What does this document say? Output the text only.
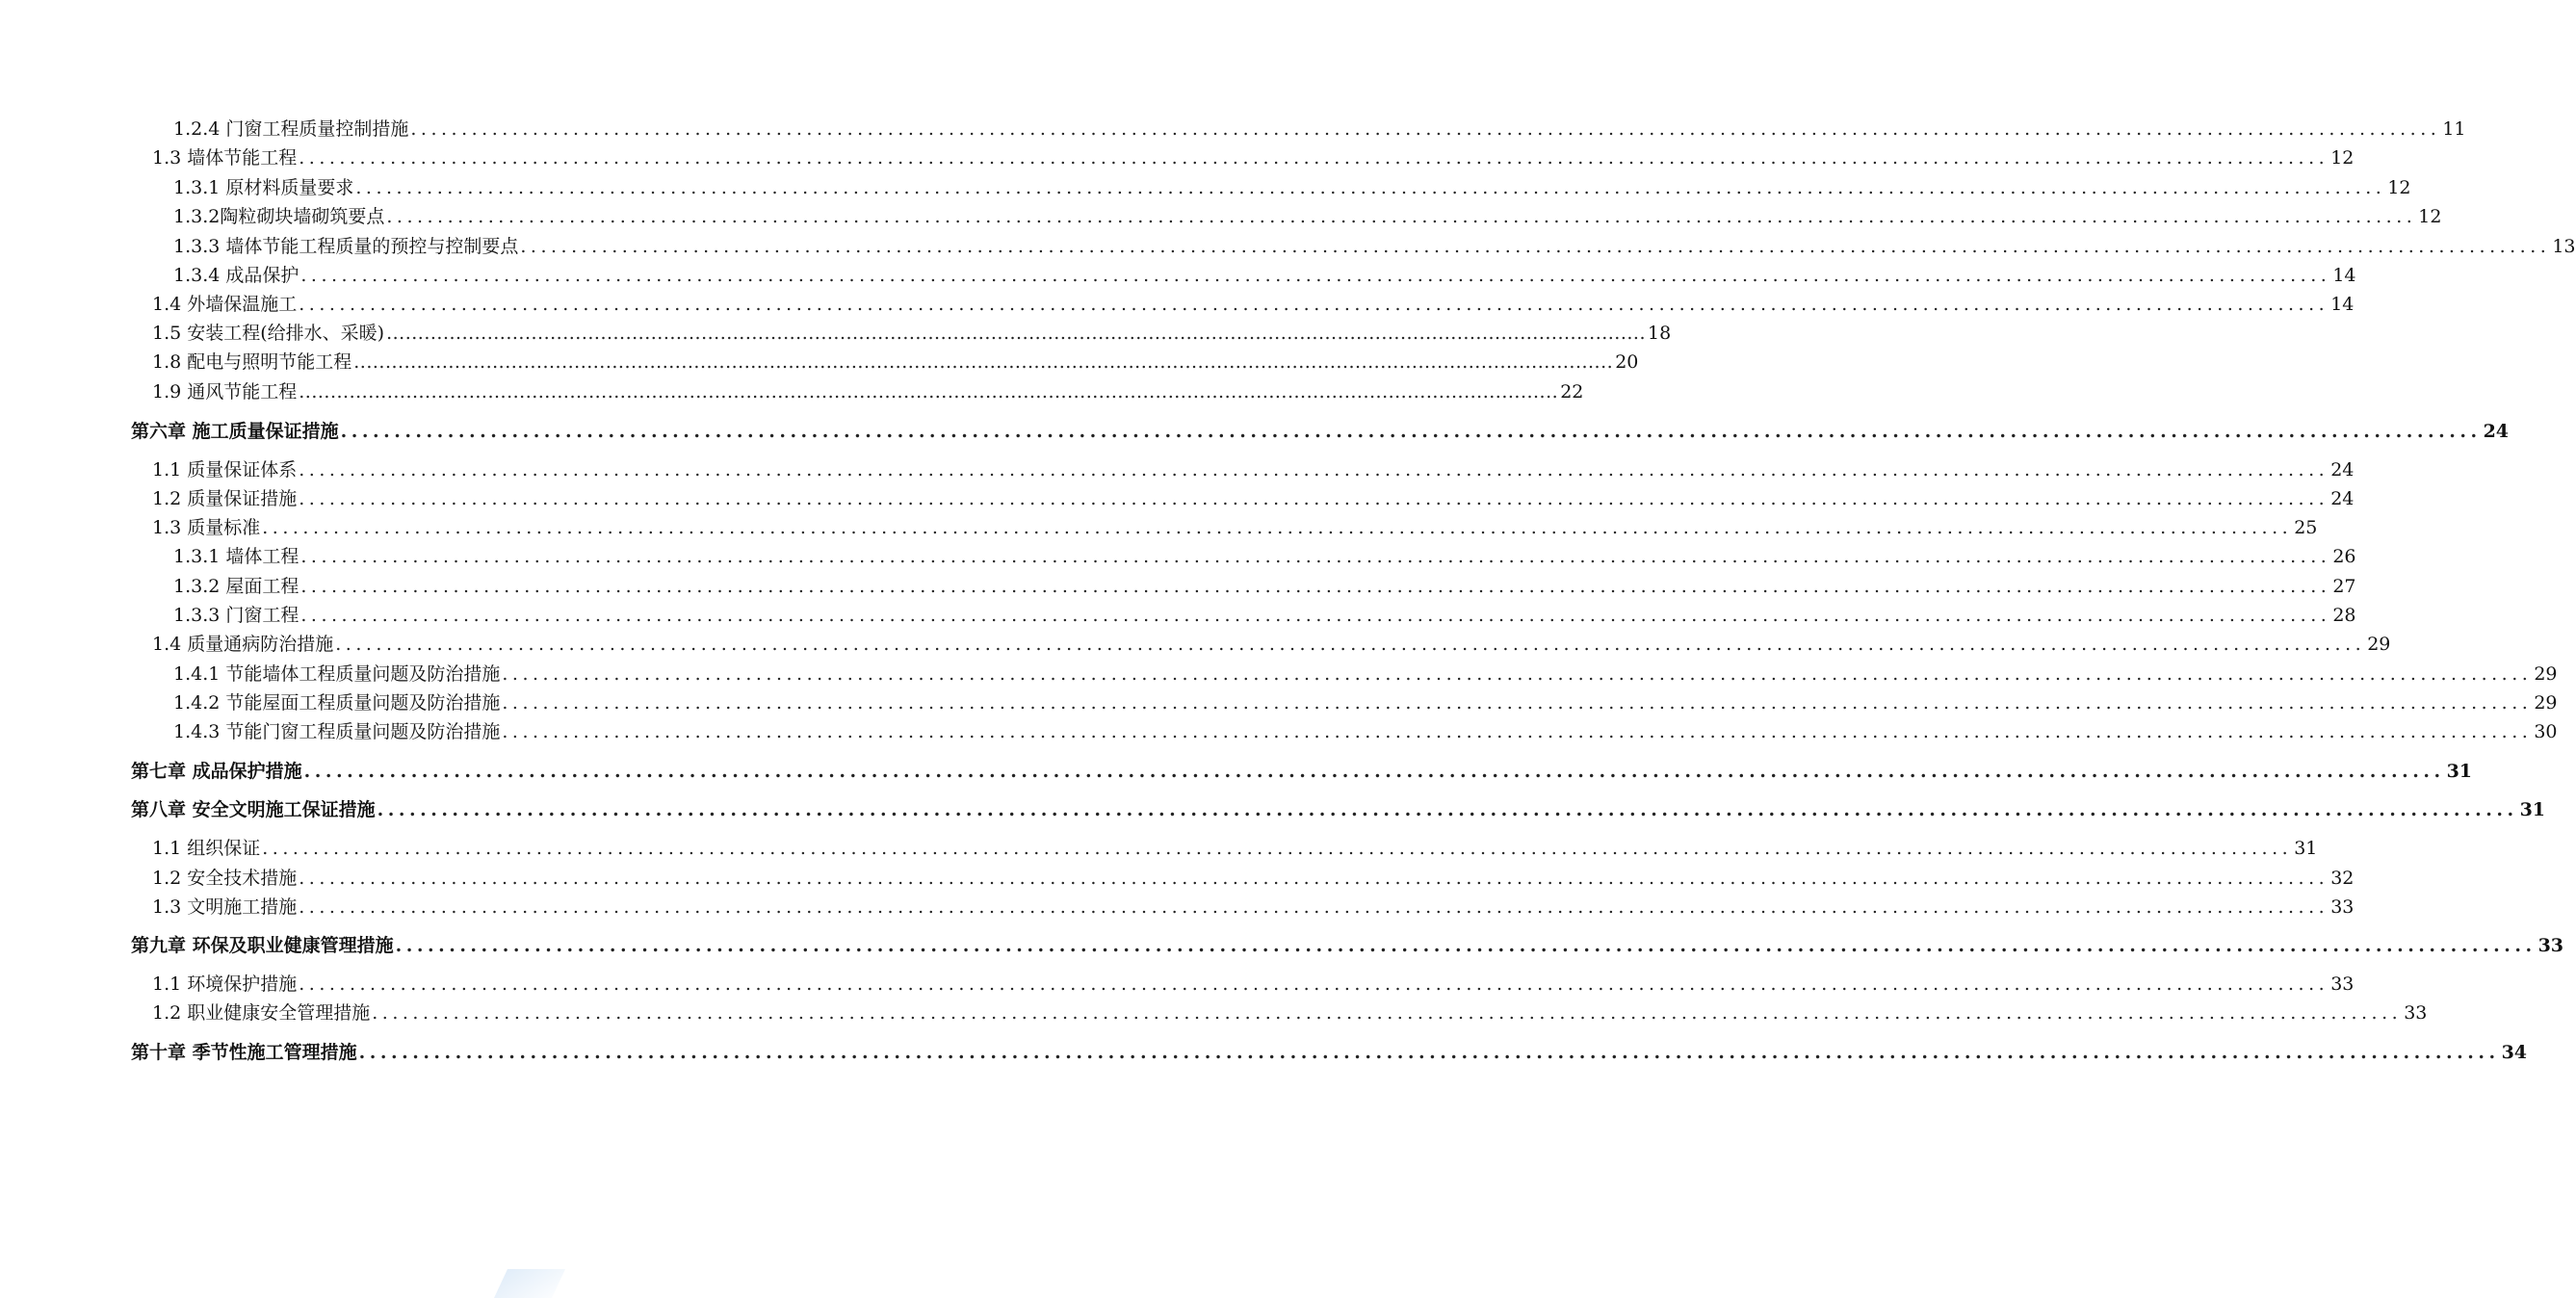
1.2.4 门窗工程质量控制措施 ........................................................................................................................................................................................................ 11
1.3 墙体节能工程 ........................................................................................................................................................................................................ 12
1.3.1 原材料质量要求 ........................................................................................................................................................................................................ 12
1.3.2陶粒砌块墙砌筑要点 ........................................................................................................................................................................................................ 12
1.3.3 墙体节能工程质量的预控与控制要点 ........................................................................................................................................................................................................ 13
1.3.4 成品保护 ........................................................................................................................................................................................................ 14
1.4 外墙保温施工 ........................................................................................................................................................................................................ 14
1.5 安装工程(给排水、采暖) ........................................................................................................................................................................................................ 18
1.8 配电与照明节能工程 ........................................................................................................................................................................................................ 20
1.9 通风节能工程 ........................................................................................................................................................................................................ 22
第六章 施工质量保证措施 ........................................................................................................................................................................................................ 24
1.1 质量保证体系 ........................................................................................................................................................................................................ 24
1.2 质量保证措施 ........................................................................................................................................................................................................ 24
1.3 质量标准 ........................................................................................................................................................................................................ 25
1.3.1 墙体工程 ........................................................................................................................................................................................................ 26
1.3.2 屋面工程 ........................................................................................................................................................................................................ 27
1.3.3 门窗工程 ........................................................................................................................................................................................................ 28
1.4 质量通病防治措施 ........................................................................................................................................................................................................ 29
1.4.1 节能墙体工程质量问题及防治措施 ........................................................................................................................................................................................................ 29
1.4.2 节能屋面工程质量问题及防治措施 ........................................................................................................................................................................................................ 29
1.4.3 节能门窗工程质量问题及防治措施 ........................................................................................................................................................................................................ 30
第七章 成品保护措施 ........................................................................................................................................................................................................ 31
第八章 安全文明施工保证措施 ........................................................................................................................................................................................................ 31
1.1 组织保证 ........................................................................................................................................................................................................ 31
1.2 安全技术措施 ........................................................................................................................................................................................................ 32
1.3 文明施工措施 ........................................................................................................................................................................................................ 33
第九章 环保及职业健康管理措施 ........................................................................................................................................................................................................ 33
1.1 环境保护措施 ........................................................................................................................................................................................................ 33
1.2 职业健康安全管理措施 ........................................................................................................................................................................................................ 33
第十章 季节性施工管理措施 ........................................................................................................................................................................................................ 34
